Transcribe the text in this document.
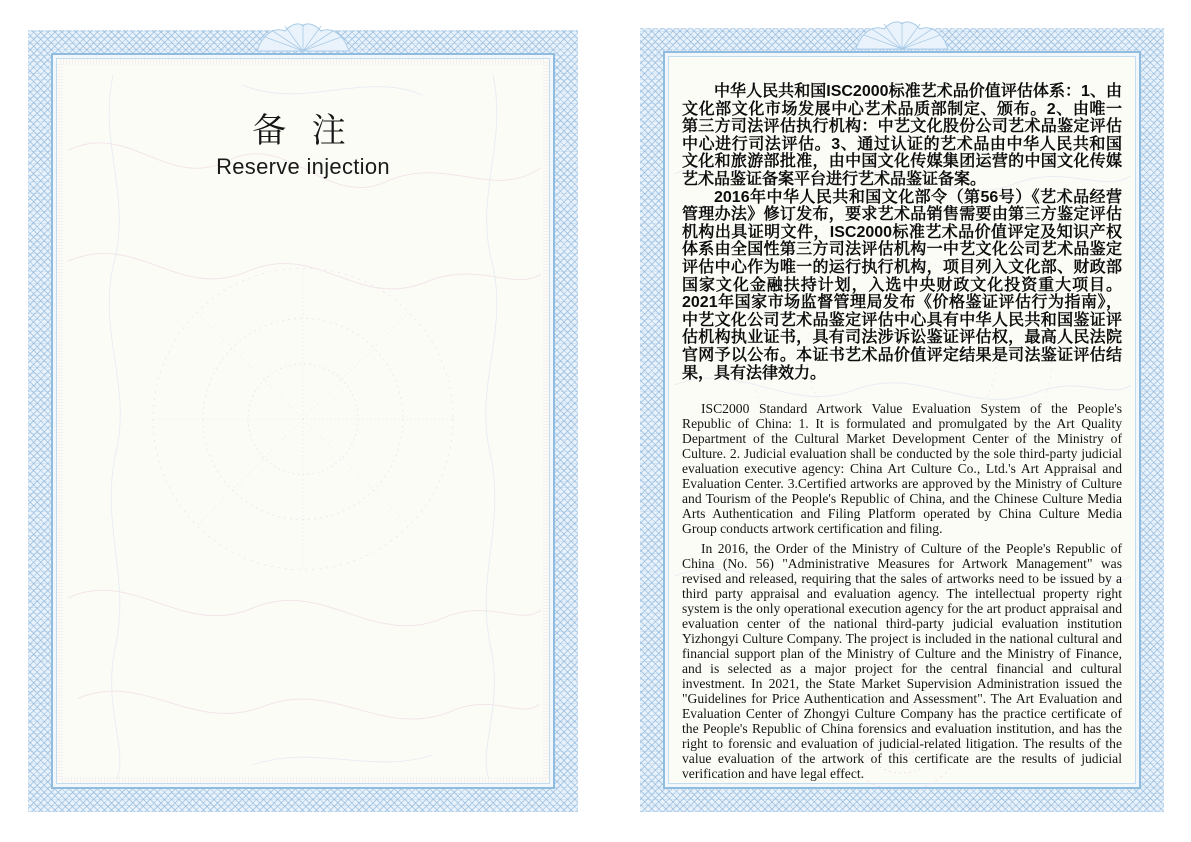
备 注
Reserve injection

中华人民共和国ISC2000标准艺术品价值评估体系：1、由文化部文化市场发展中心艺术品质部制定、颁布。2、由唯一第三方司法评估执行机构：中艺文化股份公司艺术品鉴定评估中心进行司法评估。3、通过认证的艺术品由中华人民共和国文化和旅游部批准，由中国文化传媒集团运营的中国文化传媒艺术品鉴证备案平台进行艺术品鉴证备案。

2016年中华人民共和国文化部令（第56号）《艺术品经营管理办法》修订发布，要求艺术品销售需要由第三方鉴定评估机构出具证明文件，ISC2000标准艺术品价值评定及知识产权体系由全国性第三方司法评估机构一中艺文化公司艺术品鉴定评估中心作为唯一的运行执行机构，项目列入文化部、财政部国家文化金融扶持计划，入选中央财政文化投资重大项目。2021年国家市场监督管理局发布《价格鉴证评估行为指南》，中艺文化公司艺术品鉴定评估中心具有中华人民共和国鉴证评估机构执业证书，具有司法涉诉讼鉴证评估权，最高人民法院官网予以公布。本证书艺术品价值评定结果是司法鉴证评估结果，具有法律效力。

ISC2000 Standard Artwork Value Evaluation System of the People's Republic of China: 1. It is formulated and promulgated by the Art Quality Department of the Cultural Market Development Center of the Ministry of Culture. 2. Judicial evaluation shall be conducted by the sole third-party judicial evaluation executive agency: China Art Culture Co., Ltd.'s Art Appraisal and Evaluation Center. 3.Certified artworks are approved by the Ministry of Culture and Tourism of the People's Republic of China, and the Chinese Culture Media Arts Authentication and Filing Platform operated by China Culture Media Group conducts artwork certification and filing.

In 2016, the Order of the Ministry of Culture of the People's Republic of China (No. 56) "Administrative Measures for Artwork Management" was revised and released, requiring that the sales of artworks need to be issued by a third party appraisal and evaluation agency. The intellectual property right system is the only operational execution agency for the art product appraisal and evaluation center of the national third-party judicial evaluation institution Yizhongyi Culture Company. The project is included in the national cultural and financial support plan of the Ministry of Culture and the Ministry of Finance, and is selected as a major project for the central financial and cultural investment. In 2021, the State Market Supervision Administration issued the "Guidelines for Price Authentication and Assessment". The Art Evaluation and Evaluation Center of Zhongyi Culture Company has the practice certificate of the People's Republic of China forensics and evaluation institution, and has the right to forensic and evaluation of judicial-related litigation. The results of the value evaluation of the artwork of this certificate are the results of judicial verification and have legal effect.
